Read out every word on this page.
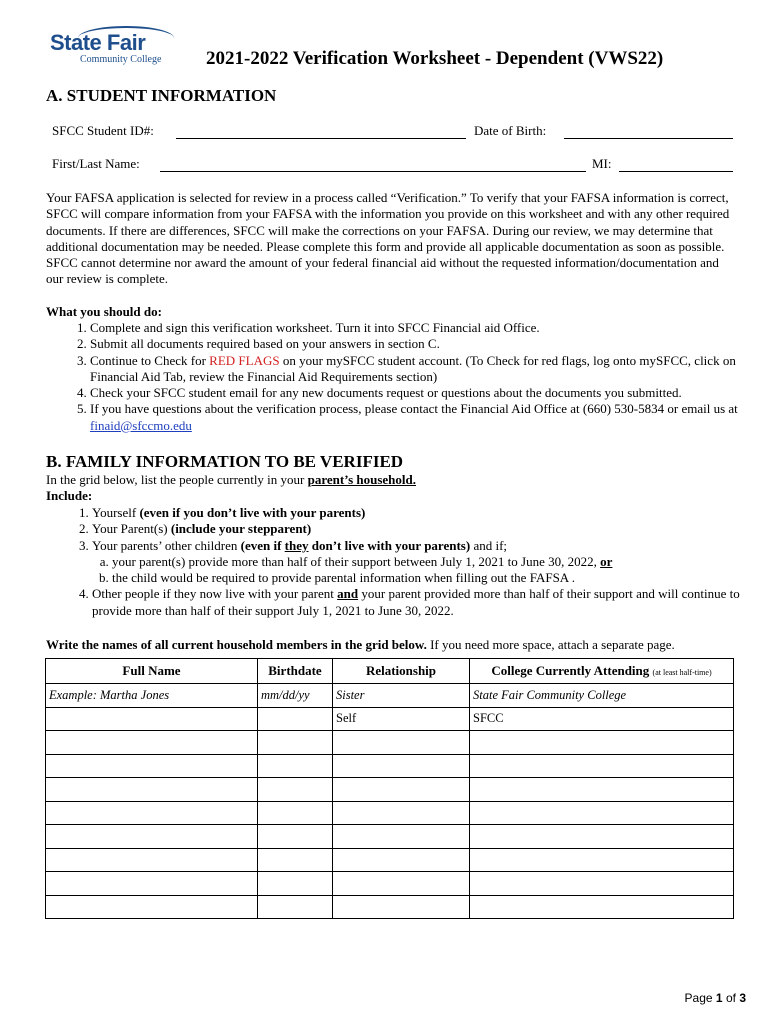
State Fair
Community College 2021-2022 Verification Worksheet - Dependent (VWS22)
A. STUDENT INFORMATION
SFCC Student ID#:	Date of Birth:
First/Last Name:	MI:

Your FAFSA application is selected for review in a process called “Verification.” To verify that your FAFSA information is correct, SFCC will compare information from your FAFSA with the information you provide on this worksheet and with any other required documents. If there are differences, SFCC will make the corrections on your FAFSA. During our review, we may determine that additional documentation may be needed. Please complete this form and provide all applicable documentation as soon as possible. SFCC cannot determine nor award the amount of your federal financial aid without the requested information/documentation and our review is complete.

What you should do:
1. Complete and sign this verification worksheet. Turn it into SFCC Financial aid Office.
2. Submit all documents required based on your answers in section C.
3. Continue to Check for RED FLAGS on your mySFCC student account. (To Check for red flags, log onto mySFCC, click on Financial Aid Tab, review the Financial Aid Requirements section)
4. Check your SFCC student email for any new documents request or questions about the documents you submitted.
5. If you have questions about the verification process, please contact the Financial Aid Office at (660) 530-5834 or email us at finaid@sfccmo.edu
B. FAMILY INFORMATION TO BE VERIFIED
In the grid below, list the people currently in your parent’s household.
Include:
1. Yourself (even if you don’t live with your parents)
2. Your Parent(s) (include your stepparent)
3. Your parents’ other children (even if they don’t live with your parents) and if;
a. your parent(s) provide more than half of their support between July 1, 2021 to June 30, 2022, or
b. the child would be required to provide parental information when filling out the FAFSA .
4. Other people if they now live with your parent and your parent provided more than half of their support and will continue to provide more than half of their support July 1, 2021 to June 30, 2022.
Write the names of all current household members in the grid below. If you need more space, attach a separate page.
Full Name	Birthdate	Relationship	College Currently Attending (at least half-time)
Example: Martha Jones	mm/dd/yy	Sister	State Fair Community College
		Self	SFCC

Page 1 of 3
